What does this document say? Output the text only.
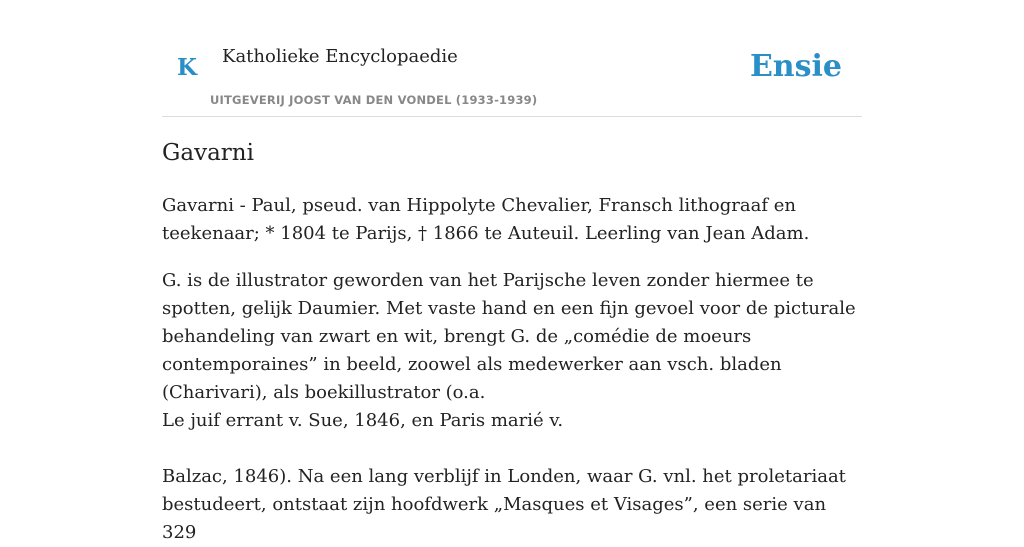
K Katholieke Encyclopaedie
UITGEVERIJ JOOST VAN DEN VONDEL (1933-1939)
Ensie
Gavarni

Gavarni - Paul, pseud. van Hippolyte Chevalier, Fransch lithograaf en teekenaar; * 1804 te Parijs, † 1866 te Auteuil. Leerling van Jean Adam.

G. is de illustrator geworden van het Parijsche leven zonder hiermee te spotten, gelijk Daumier. Met vaste hand en een fijn gevoel voor de picturale behandeling van zwart en wit, brengt G. de „comédie de moeurs contemporaines” in beeld, zoowel als medewerker aan vsch. bladen (Charivari), als boekillustrator (o.a.

Le juif errant v. Sue, 1846, en Paris marié v.

Balzac, 1846). Na een lang verblijf in Londen, waar G. vnl. het proletariaat bestudeert, ontstaat zijn hoofdwerk „Masques et Visages”, een serie van 329
